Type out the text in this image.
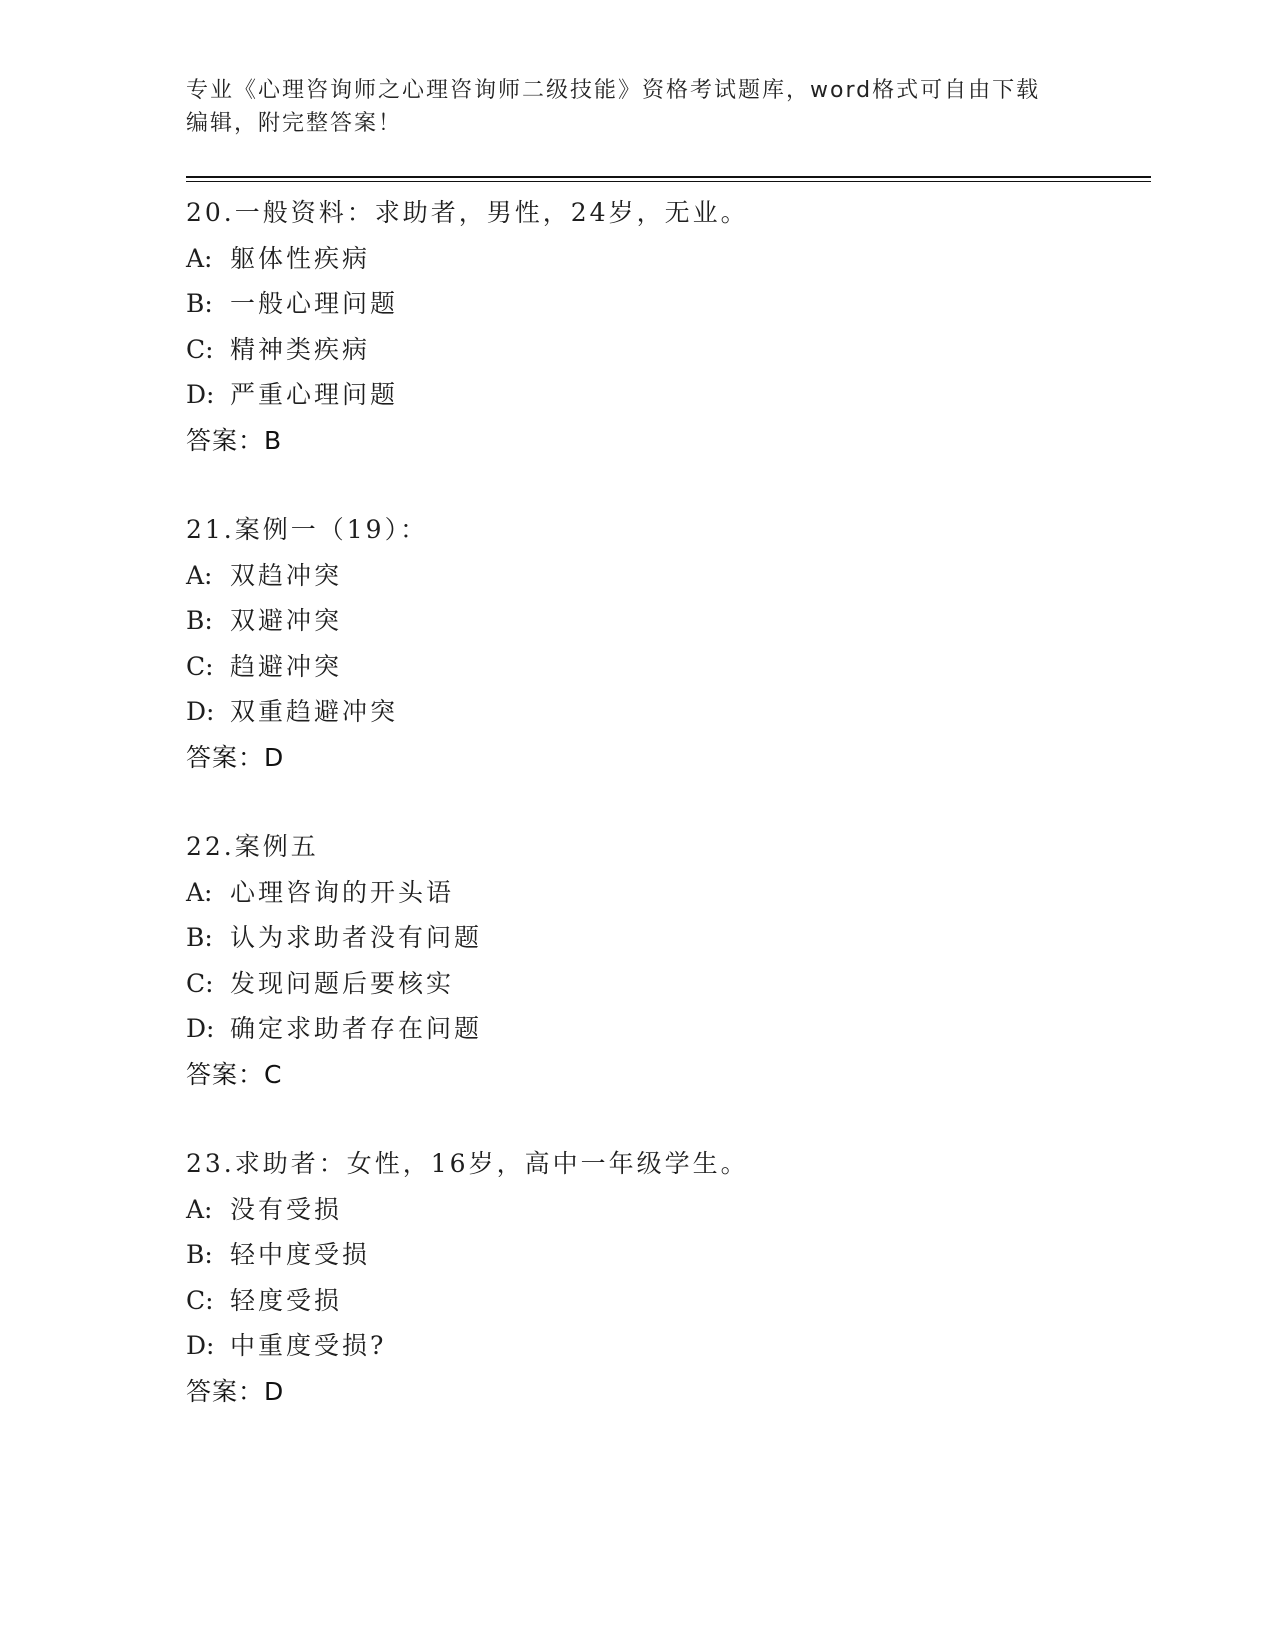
专业《心理咨询师之心理咨询师二级技能》资格考试题库，word格式可自由下载
编辑，附完整答案！
20.一般资料：求助者，男性，24岁，无业。
A: 躯体性疾病
B: 一般心理问题
C: 精神类疾病
D: 严重心理问题
答案：B
21.案例一（19）：
A: 双趋冲突
B: 双避冲突
C: 趋避冲突
D: 双重趋避冲突
答案：D
22.案例五
A: 心理咨询的开头语
B: 认为求助者没有问题
C: 发现问题后要核实
D: 确定求助者存在问题
答案：C
23.求助者：女性，16岁，高中一年级学生。
A: 没有受损
B: 轻中度受损
C: 轻度受损
D: 中重度受损?
答案：D
